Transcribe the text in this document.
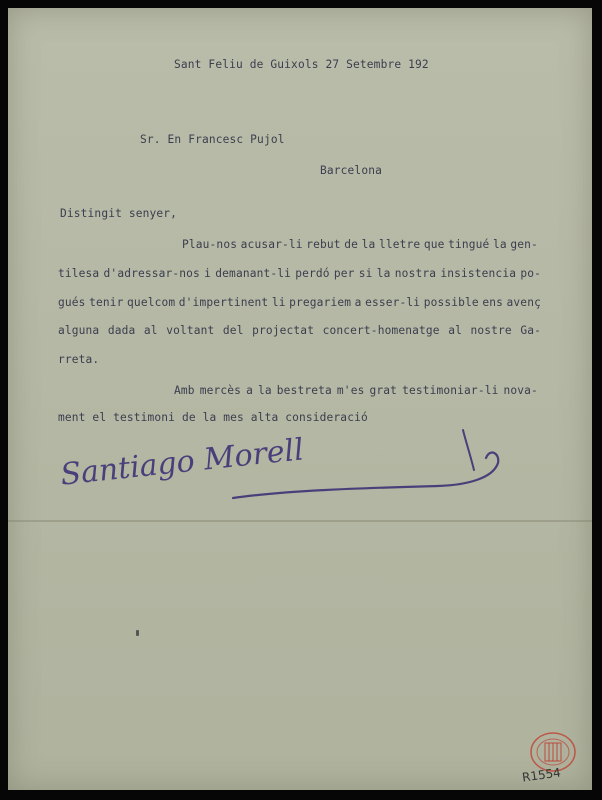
Sant Feliu de Guixols 27 Setembre 192
Sr. En Francesc Pujol
Barcelona
Distingit senyer,
Plau-nos acusar-li rebut de la lletre que tingué la gen-
tilesa d'adressar-nos i demanant-li perdó per si la nostra insistencia po-
gués tenir quelcom d'impertinent li pregariem a esser-li possible ens avenç
alguna dada al voltant del projectat concert-homenatge al nostre Ga-
rreta.
Amb mercès a la bestreta m'es grat testimoniar-li nova-
ment el testimoni de la mes alta consideració
Santiago Morell
R1554
